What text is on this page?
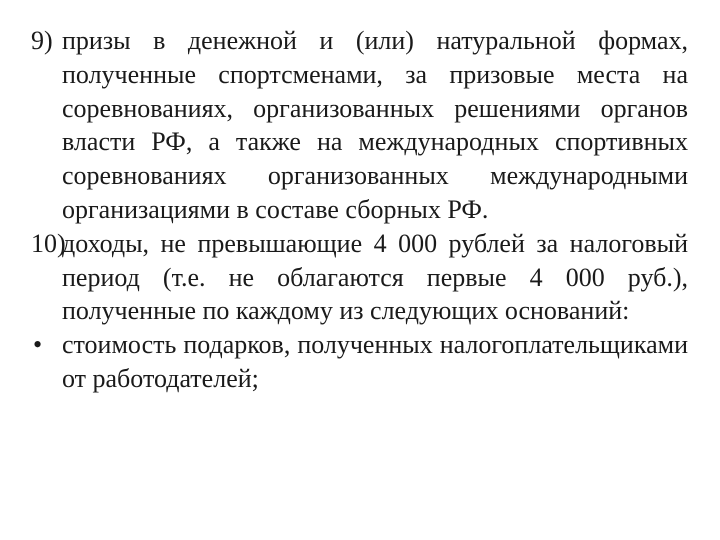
9) призы в денежной и (или) натуральной формах, полученные спортсменами, за призовые места на соревнованиях, организованных решениями органов власти РФ, а также на международных спортивных соревнованиях организованных международными организациями в составе сборных РФ.
10)
доходы, не превышающие 4 000 рублей за налоговый период (т.е. не облагаются первые 4 000 руб.), полученные по каждому из следующих оснований:
• стоимость подарков, полученных налогоплательщиками от работодателей;
